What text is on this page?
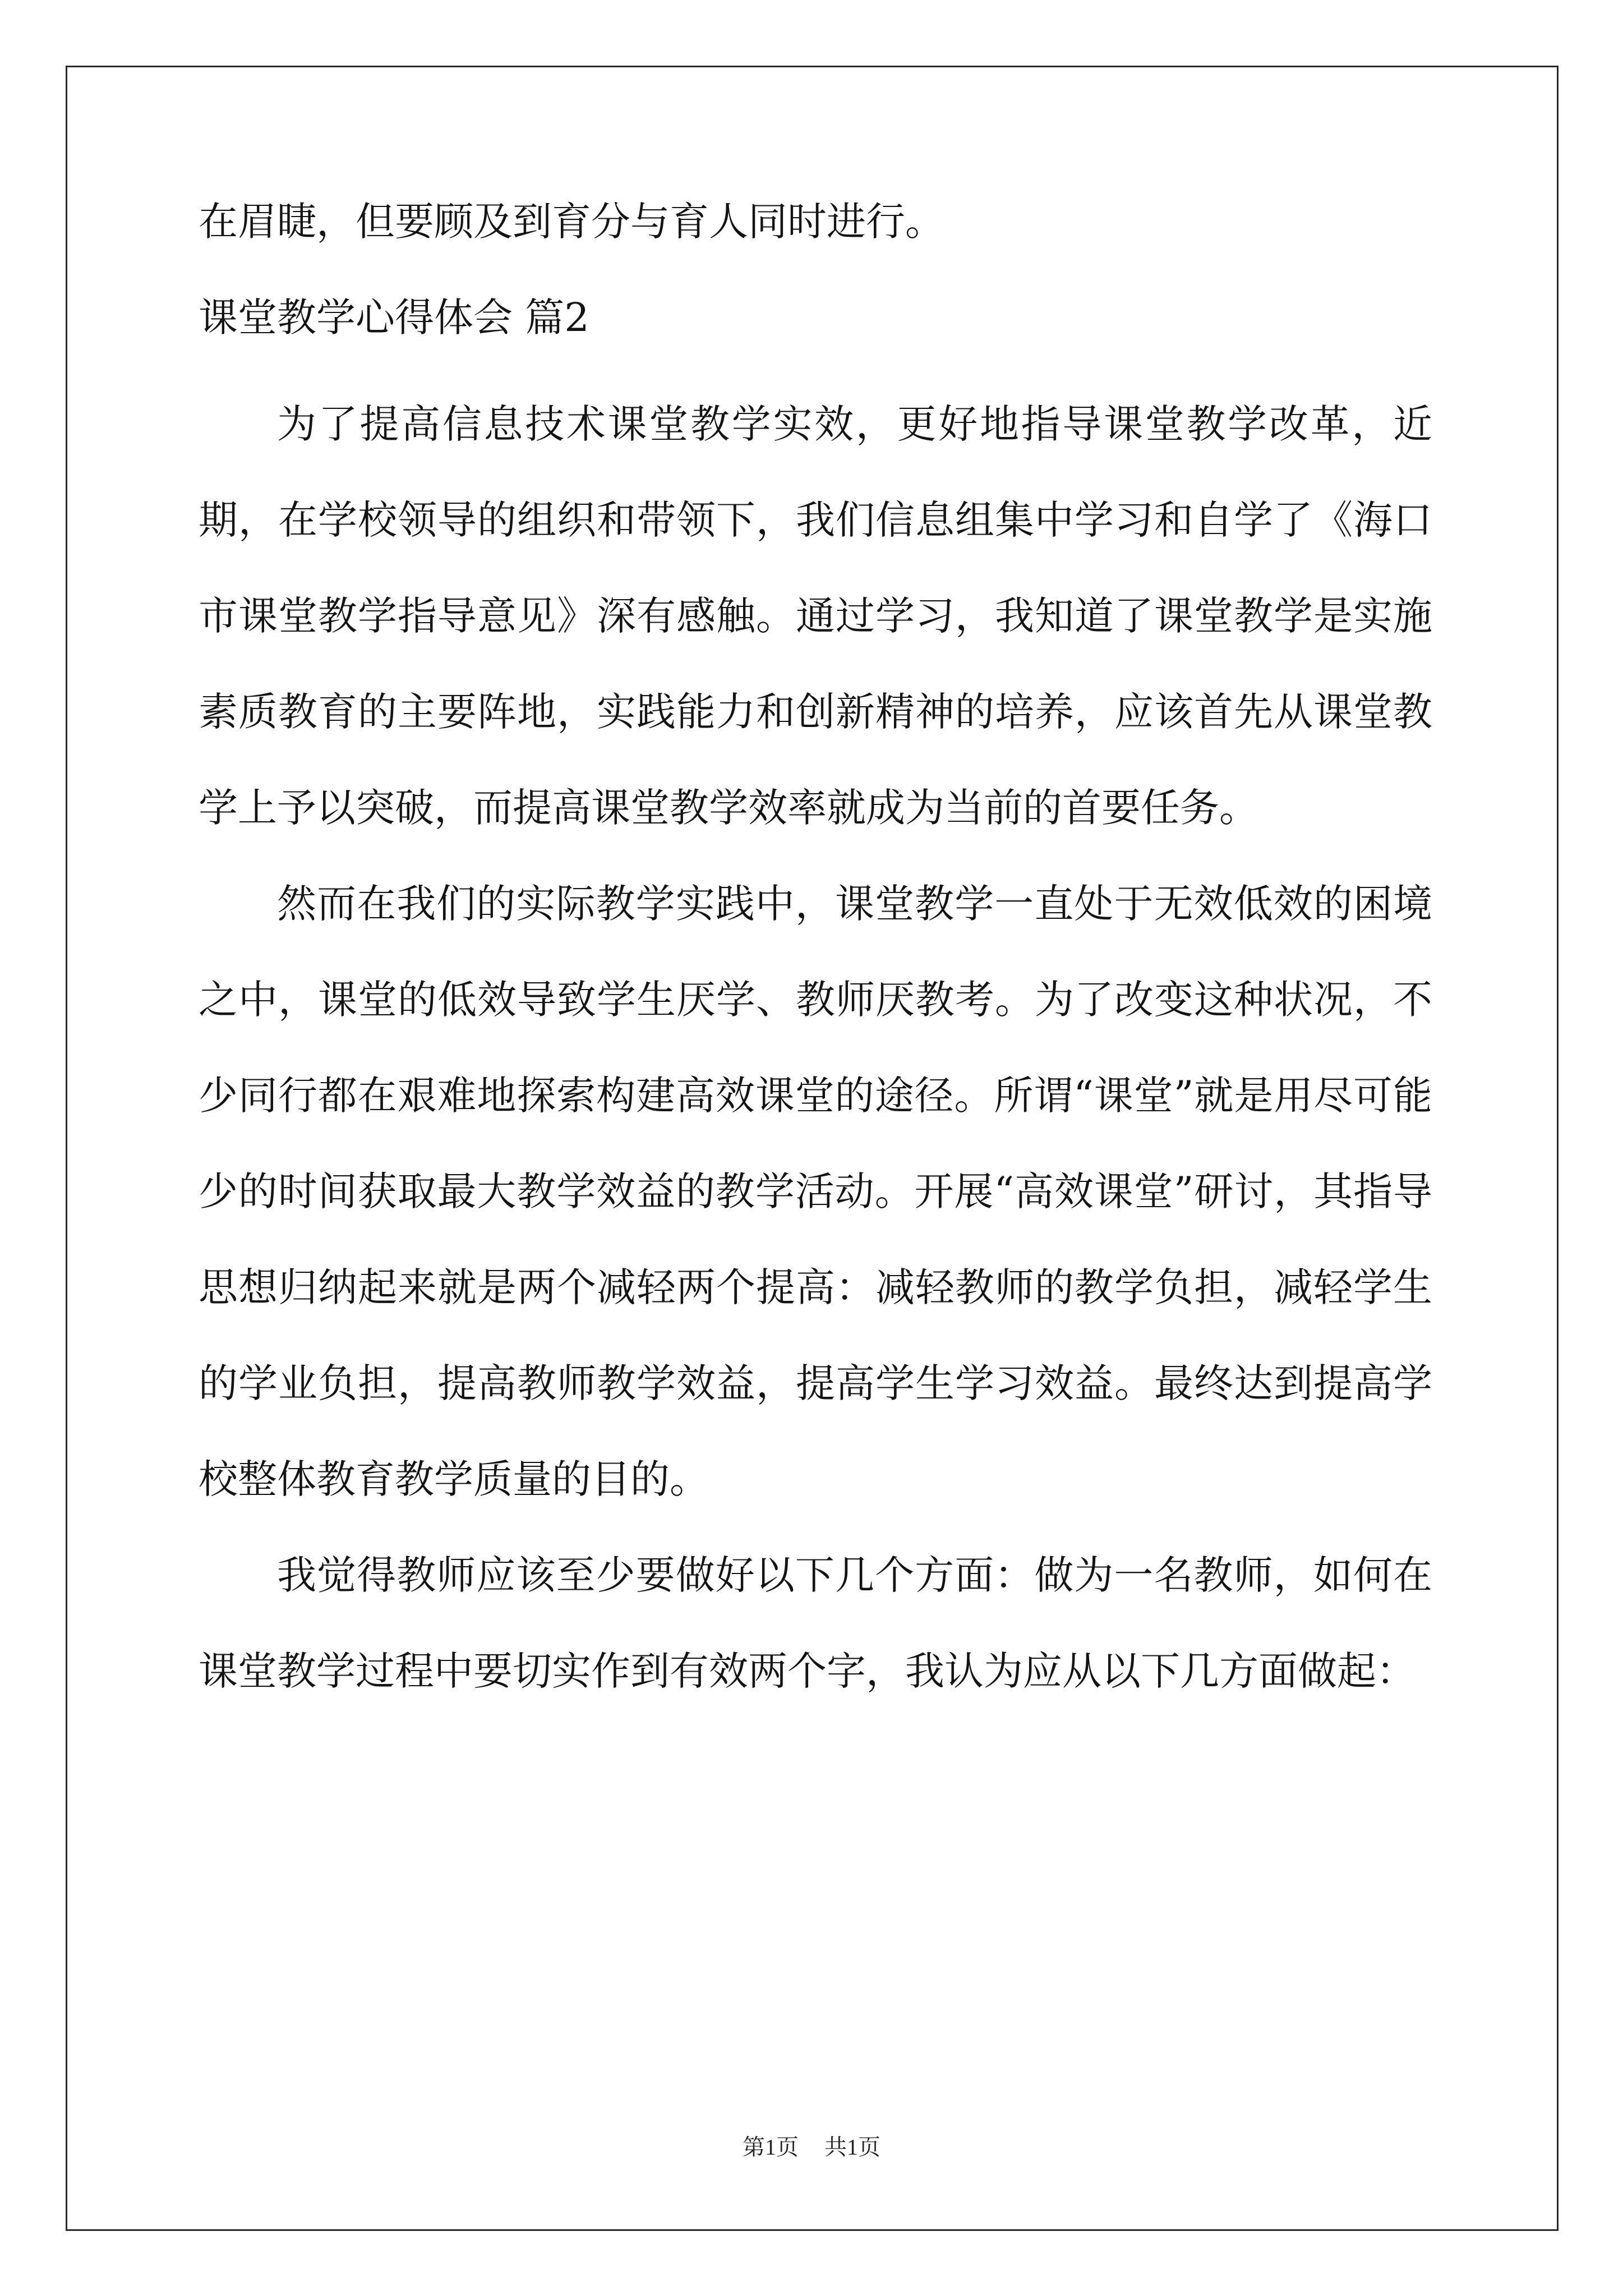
在眉睫，但要顾及到育分与育人同时进行。

课堂教学心得体会 篇2

为了提高信息技术课堂教学实效，更好地指导课堂教学改革，近期，在学校领导的组织和带领下，我们信息组集中学习和自学了《海口市课堂教学指导意见》深有感触。通过学习，我知道了课堂教学是实施素质教育的主要阵地，实践能力和创新精神的培养，应该首先从课堂教学上予以突破，而提高课堂教学效率就成为当前的首要任务。

然而在我们的实际教学实践中，课堂教学一直处于无效低效的困境之中，课堂的低效导致学生厌学、教师厌教考。为了改变这种状况，不少同行都在艰难地探索构建高效课堂的途径。所谓“课堂”就是用尽可能少的时间获取最大教学效益的教学活动。开展“高效课堂”研讨，其指导思想归纳起来就是两个减轻两个提高：减轻教师的教学负担，减轻学生的学业负担，提高教师教学效益，提高学生学习效益。最终达到提高学校整体教育教学质量的目的。

我觉得教师应该至少要做好以下几个方面：做为一名教师，如何在课堂教学过程中要切实作到有效两个字，我认为应从以下几方面做起：

第1页 共1页
